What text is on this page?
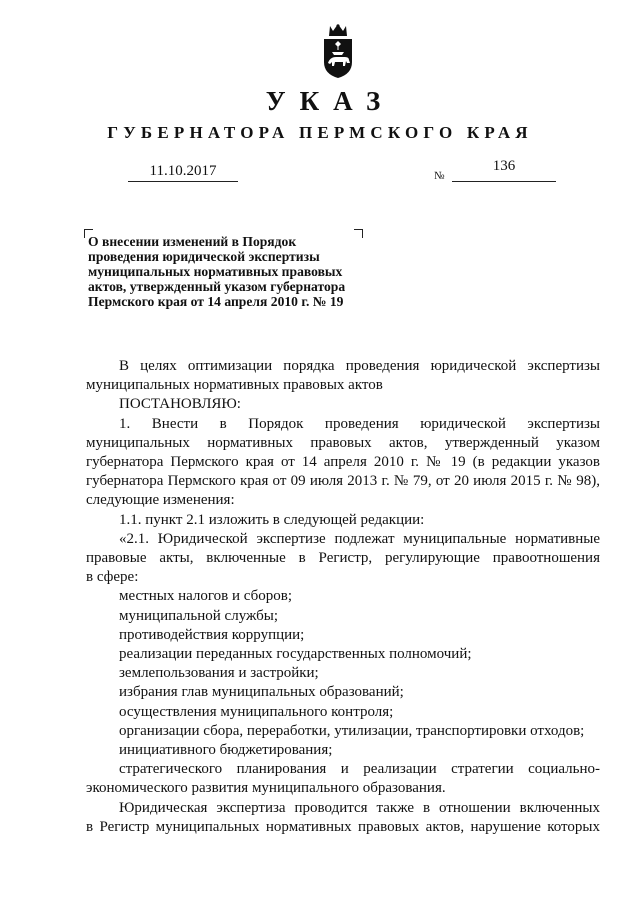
УКАЗ
ГУБЕРНАТОРА ПЕРМСКОГО КРАЯ
11.10.2017	№
136
О внесении изменений в Порядок
проведения юридической экспертизы
муниципальных нормативных правовых
актов, утвержденный указом губернатора
Пермского края от 14 апреля 2010 г. № 19

В целях оптимизации порядка проведения юридической экспертизы

муниципальных нормативных правовых актов

ПОСТАНОВЛЯЮ:

1. Внести в Порядок проведения юридической экспертизы

муниципальных нормативных правовых актов, утвержденный указом

губернатора Пермского края от 14 апреля 2010 г. № 19 (в редакции указов

губернатора Пермского края от 09 июля 2013 г. № 79, от 20 июля 2015 г. № 98),

следующие изменения:

1.1. пункт 2.1 изложить в следующей редакции:

«2.1. Юридической экспертизе подлежат муниципальные нормативные

правовые акты, включенные в Регистр, регулирующие правоотношения

в сфере:

местных налогов и сборов;

муниципальной службы;

противодействия коррупции;

реализации переданных государственных полномочий;

землепользования и застройки;

избрания глав муниципальных образований;

осуществления муниципального контроля;

организации сбора, переработки, утилизации, транспортировки отходов;

инициативного бюджетирования;

стратегического планирования и реализации стратегии социально-

экономического развития муниципального образования.

Юридическая экспертиза проводится также в отношении включенных

в Регистр муниципальных нормативных правовых актов, нарушение которых
